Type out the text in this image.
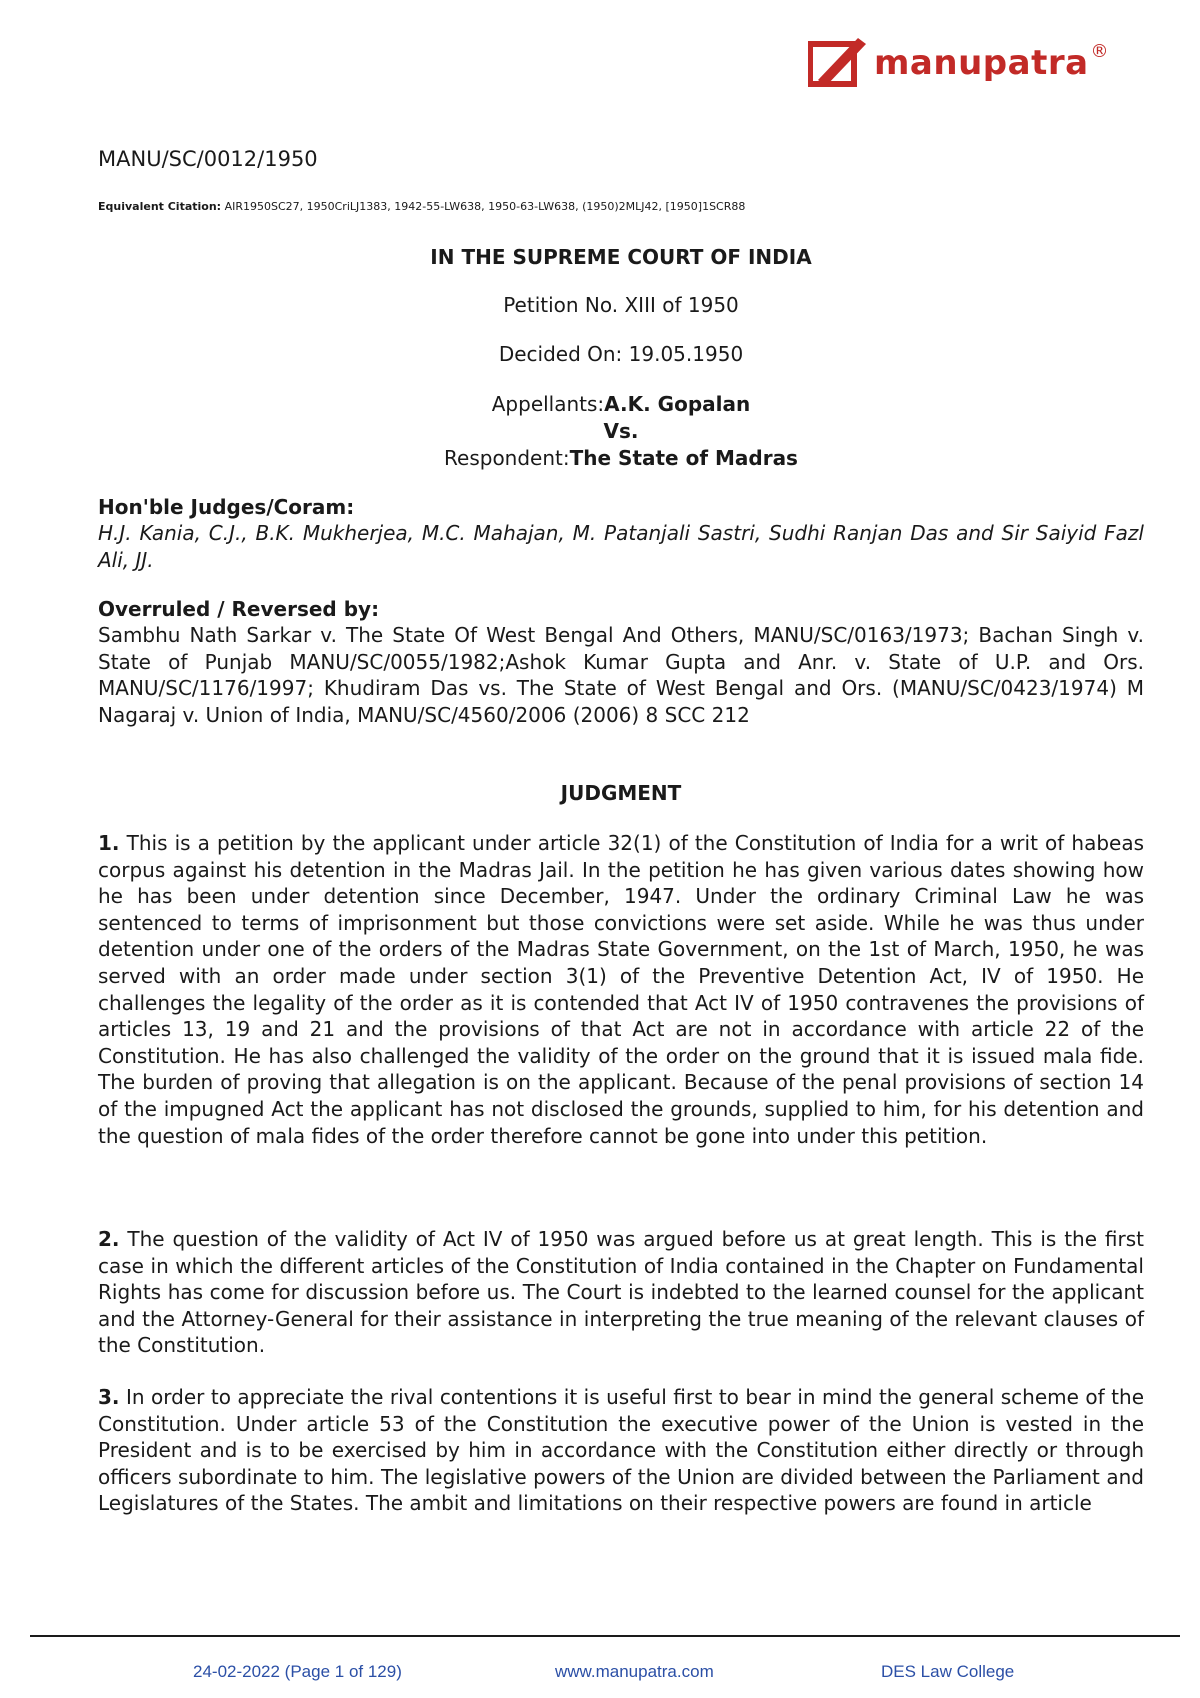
manupatra ®
MANU/SC/0012/1950
Equivalent Citation: AIR1950SC27, 1950CriLJ1383, 1942-55-LW638, 1950-63-LW638, (1950)2MLJ42, [1950]1SCR88
IN THE SUPREME COURT OF INDIA
Petition No. XIII of 1950
Decided On: 19.05.1950
Appellants:A.K. Gopalan
Vs.
Respondent:The State of Madras
Hon'ble Judges/Coram:
H.J. Kania, C.J., B.K. Mukherjea, M.C. Mahajan, M. Patanjali Sastri, Sudhi Ranjan Das and Sir Saiyid Fazl Ali, JJ.
Overruled / Reversed by:
Sambhu Nath Sarkar v. The State Of West Bengal And Others, MANU/SC/0163/1973; Bachan Singh v. State of Punjab MANU/SC/0055/1982;Ashok Kumar Gupta and Anr. v. State of U.P. and Ors. MANU/SC/1176/1997; Khudiram Das vs. The State of West Bengal and Ors. (MANU/SC/0423/1974) M Nagaraj v. Union of India, MANU/SC/4560/2006 (2006) 8 SCC 212
JUDGMENT
1. This is a petition by the applicant under article 32(1) of the Constitution of India for a writ of habeas corpus against his detention in the Madras Jail. In the petition he has given various dates showing how he has been under detention since December, 1947. Under the ordinary Criminal Law he was sentenced to terms of imprisonment but those convictions were set aside. While he was thus under detention under one of the orders of the Madras State Government, on the 1st of March, 1950, he was served with an order made under section 3(1) of the Preventive Detention Act, IV of 1950. He challenges the legality of the order as it is contended that Act IV of 1950 contravenes the provisions of articles 13, 19 and 21 and the provisions of that Act are not in accordance with article 22 of the Constitution. He has also challenged the validity of the order on the ground that it is issued mala fide. The burden of proving that allegation is on the applicant. Because of the penal provisions of section 14 of the impugned Act the applicant has not disclosed the grounds, supplied to him, for his detention and the question of mala fides of the order therefore cannot be gone into under this petition.
2. The question of the validity of Act IV of 1950 was argued before us at great length. This is the first case in which the different articles of the Constitution of India contained in the Chapter on Fundamental Rights has come for discussion before us. The Court is indebted to the learned counsel for the applicant and the Attorney-General for their assistance in interpreting the true meaning of the relevant clauses of the Constitution.
3. In order to appreciate the rival contentions it is useful first to bear in mind the general scheme of the Constitution. Under article 53 of the Constitution the executive power of the Union is vested in the President and is to be exercised by him in accordance with the Constitution either directly or through officers subordinate to him. The legislative powers of the Union are divided between the Parliament and Legislatures of the States. The ambit and limitations on their respective powers are found in article
24-02-2022 (Page 1 of 129)	www.manupatra.com	DES Law College
